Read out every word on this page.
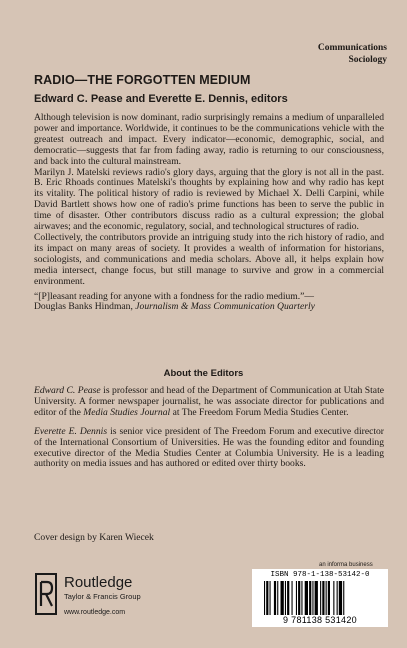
Communications
Sociology
RADIO—THE FORGOTTEN MEDIUM
Edward C. Pease and Everette E. Dennis, editors

Although television is now dominant, radio surprisingly remains a medium of unparalleled power and importance. Worldwide, it continues to be the communications vehicle with the greatest outreach and impact. Every indicator—economic, demographic, social, and democratic—suggests that far from fading away, radio is returning to our consciousness, and back into the cultural mainstream.

Marilyn J. Matelski reviews radio's glory days, arguing that the glory is not all in the past. B. Eric Rhoads continues Matelski's thoughts by explaining how and why radio has kept its vitality. The political history of radio is reviewed by Michael X. Delli Carpini, while David Bartlett shows how one of radio's prime functions has been to serve the public in time of disaster. Other contributors discuss radio as a cultural expression; the global airwaves; and the economic, regulatory, social, and technological structures of radio.

Collectively, the contributors provide an intriguing study into the rich history of radio, and its impact on many areas of society. It provides a wealth of information for historians, sociologists, and communications and media scholars. Above all, it helps explain how media intersect, change focus, but still manage to survive and grow in a commercial environment.

“[P]leasant reading for anyone with a fondness for the radio medium.”—
Douglas Banks Hindman, Journalism & Mass Communication Quarterly

About the Editors

Edward C. Pease is professor and head of the Department of Communication at Utah State University. A former newspaper journalist, he was associate director for publications and editor of the Media Studies Journal at The Freedom Forum Media Studies Center.

Everette E. Dennis is senior vice president of The Freedom Forum and executive director of the International Consortium of Universities. He was the founding editor and founding executive director of the Media Studies Center at Columbia University. He is a leading authority on media issues and has authored or edited over thirty books.

Cover design by Karen Wiecek
an informa business
ISBN 978-1-138-53142-0
9 781138 531420
Routledge
Taylor & Francis Group
www.routledge.com
